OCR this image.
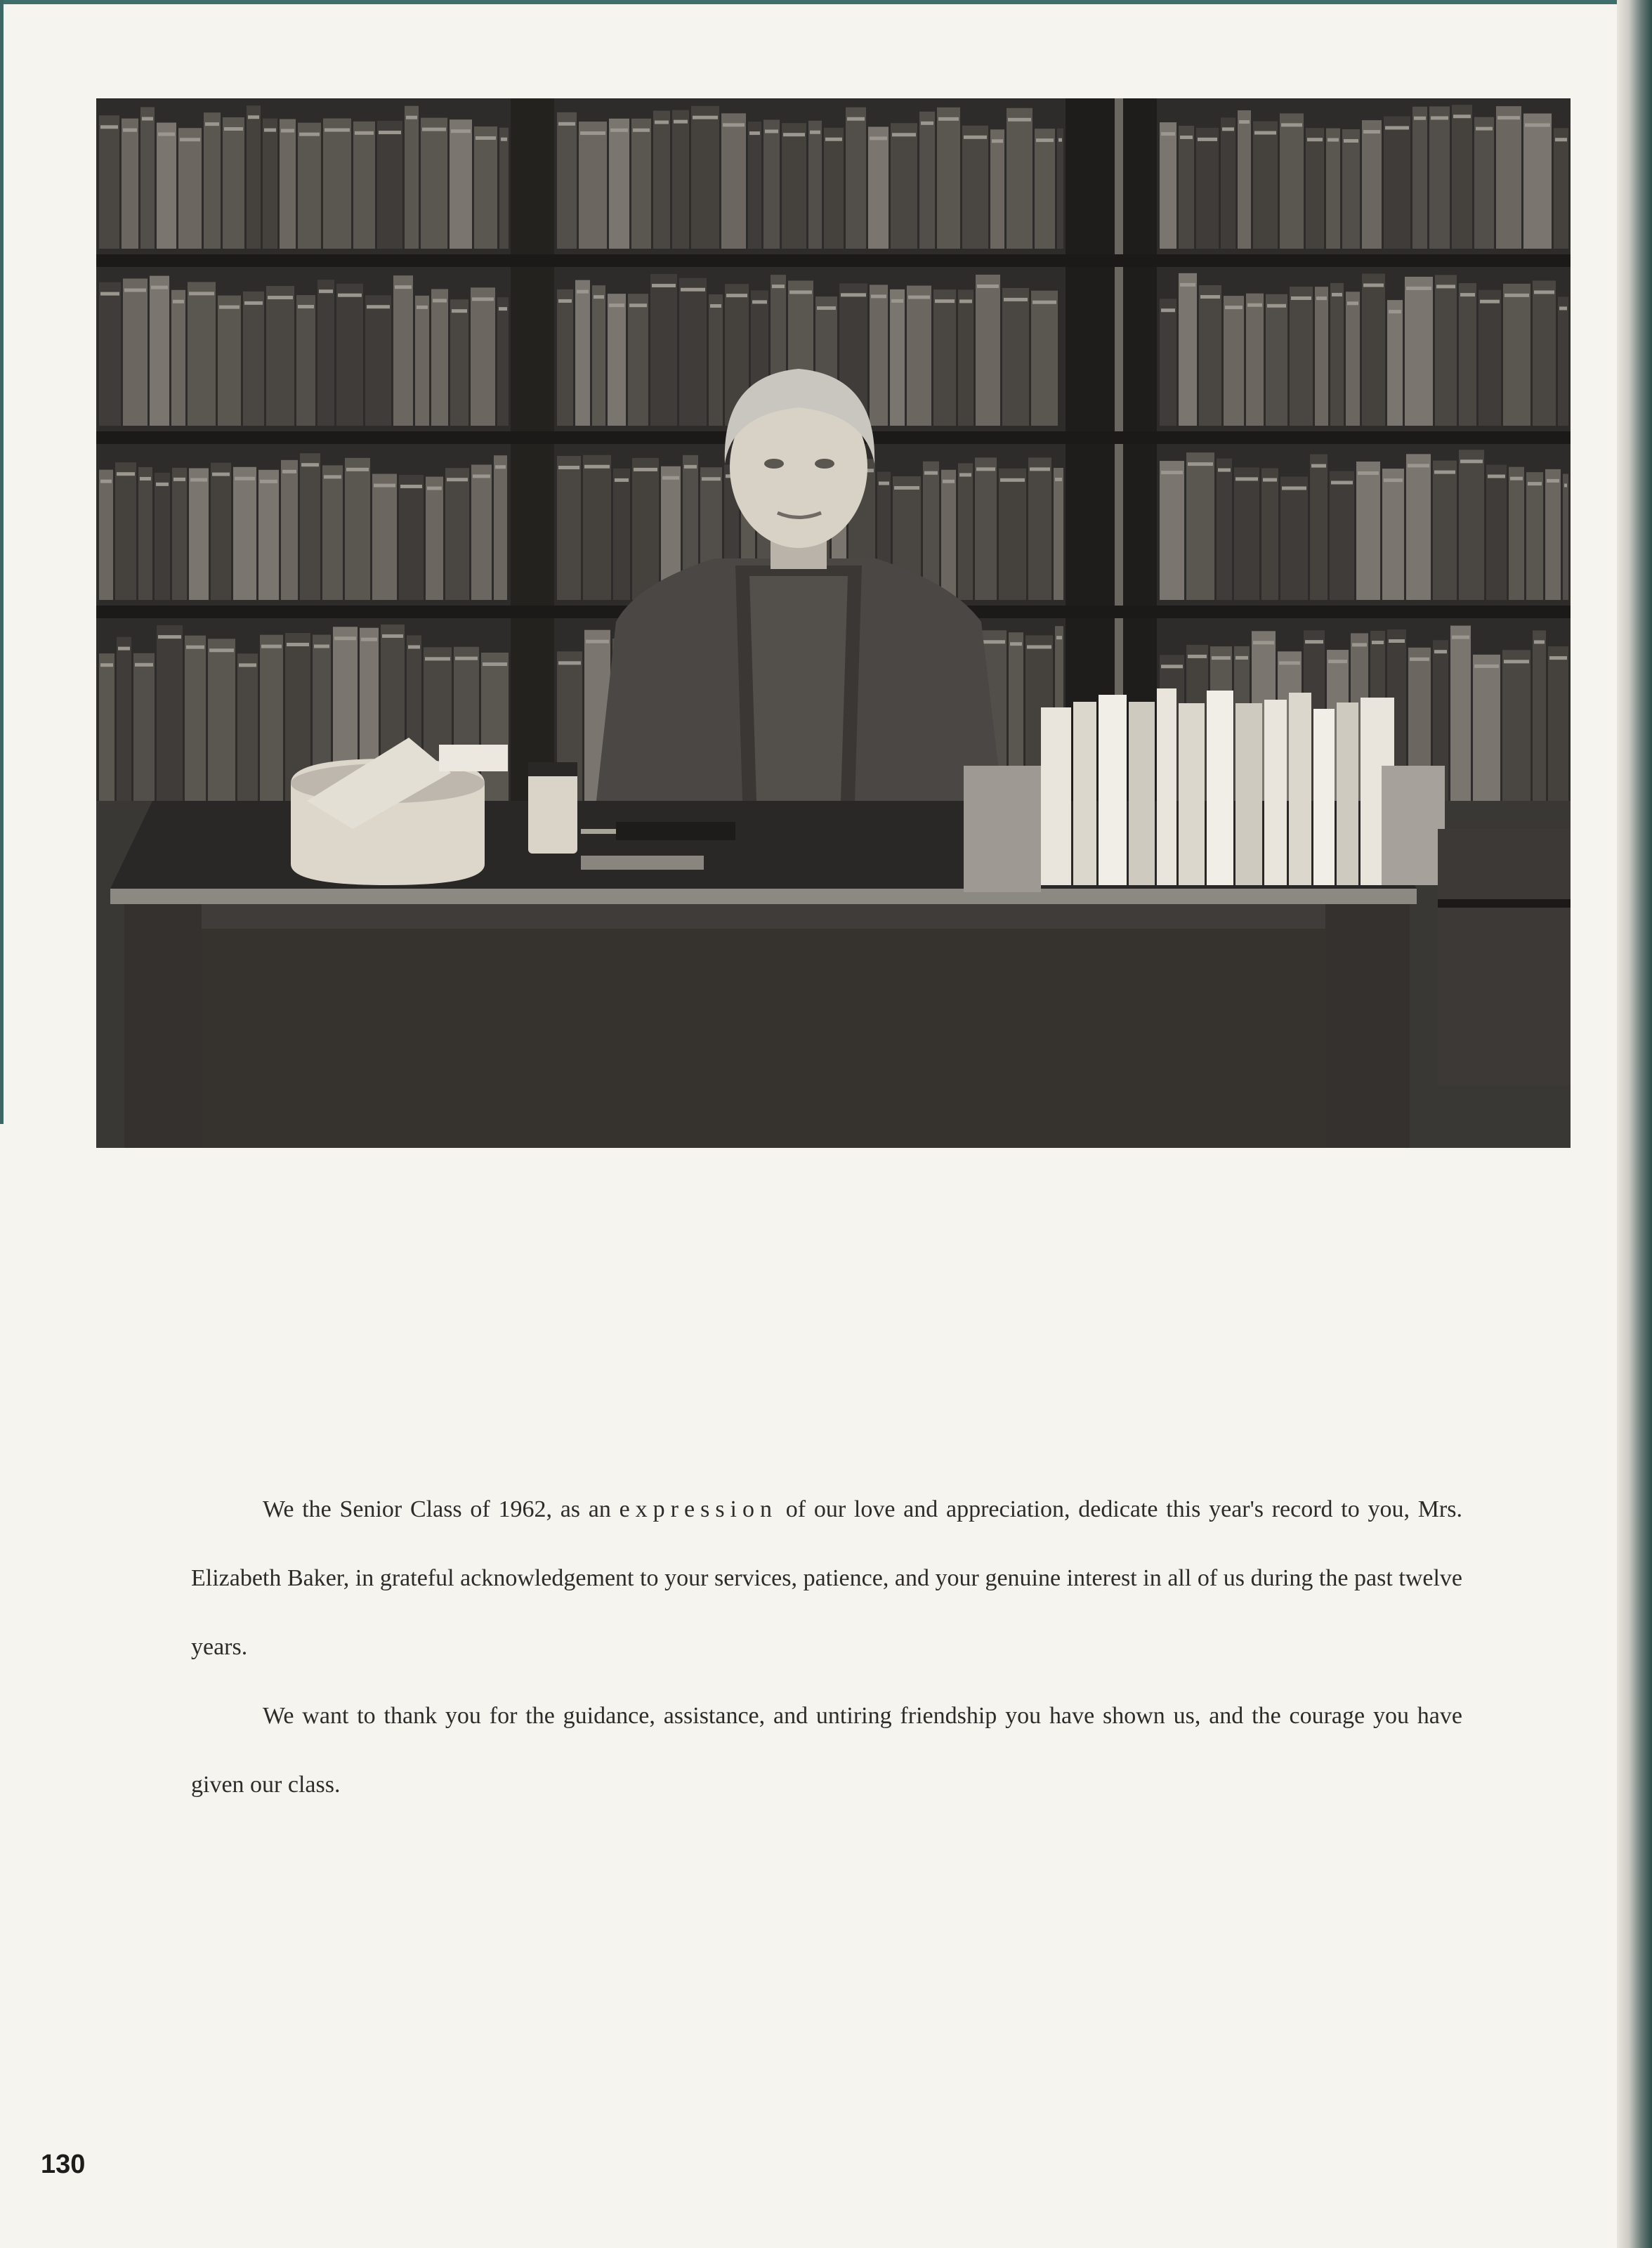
We the Senior Class of 1962, as an expression of our love and appreciation, dedicate this year's record to you, Mrs. Elizabeth Baker, in grateful acknowledgement to your services, patience, and your genuine interest in all of us during the past twelve years.

We want to thank you for the guidance, assistance, and untiring friendship you have shown us, and the courage you have given our class.

130
